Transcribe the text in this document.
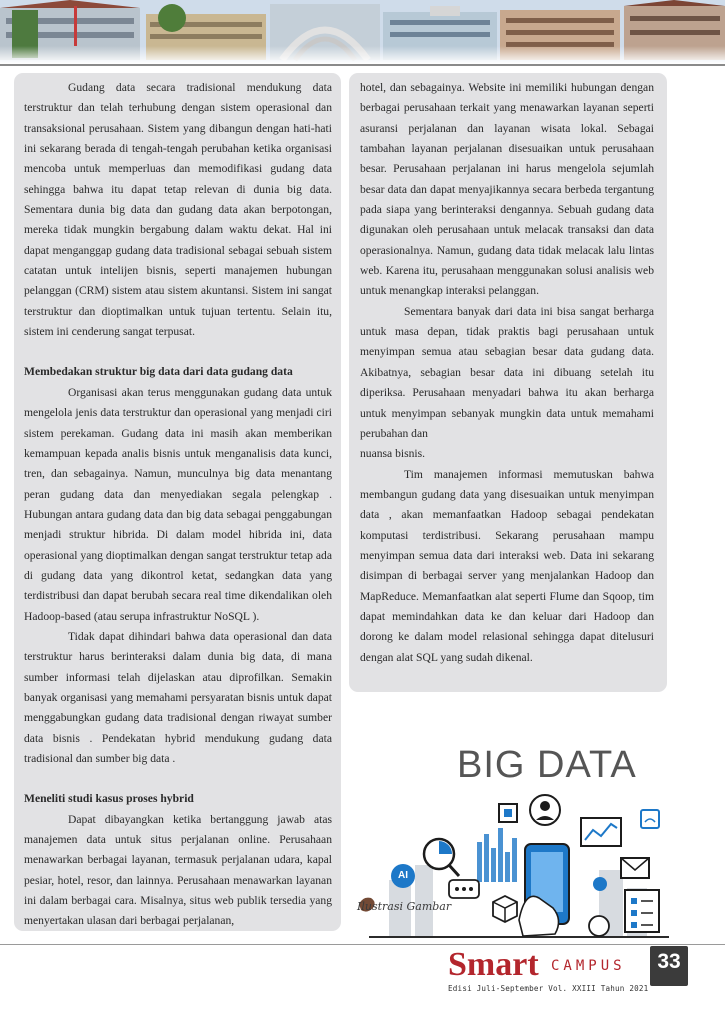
Gudang data secara tradisional mendukung data terstruktur dan telah terhubung dengan sistem operasional dan transaksional perusahaan. Sistem yang dibangun dengan hati-hati ini sekarang berada di tengah-tengah perubahan ketika organisasi mencoba untuk memperluas dan memodifikasi gudang data sehingga bahwa itu dapat tetap relevan di dunia big data. Sementara dunia big data dan gudang data akan berpotongan, mereka tidak mungkin bergabung dalam waktu dekat. Hal ini dapat menganggap gudang data tradisional sebagai sebuah sistem catatan untuk intelijen bisnis, seperti manajemen hubungan pelanggan (CRM) sistem atau sistem akuntansi. Sistem ini sangat terstruktur dan dioptimalkan untuk tujuan tertentu. Selain itu, sistem ini cenderung sangat terpusat.

Membedakan struktur big data dari data gudang data

Organisasi akan terus menggunakan gudang data untuk mengelola jenis data terstruktur dan operasional yang menjadi ciri sistem perekaman. Gudang data ini masih akan memberikan kemampuan kepada analis bisnis untuk menganalisis data kunci, tren, dan sebagainya. Namun, munculnya big data menantang peran gudang data dan menyediakan segala pelengkap . Hubungan antara gudang data dan big data sebagai penggabungan menjadi struktur hibrida. Di dalam model hibrida ini, data operasional yang dioptimalkan dengan sangat terstruktur tetap ada di gudang data yang dikontrol ketat, sedangkan data yang terdistribusi dan dapat berubah secara real time dikendalikan oleh Hadoop-based (atau serupa infrastruktur NoSQL ).

Tidak dapat dihindari bahwa data operasional dan data terstruktur harus berinteraksi dalam dunia big data, di mana sumber informasi telah dijelaskan atau diprofilkan. Semakin banyak organisasi yang memahami persyaratan bisnis untuk dapat menggabungkan gudang data tradisional dengan riwayat sumber data bisnis . Pendekatan hybrid mendukung gudang data tradisional dan sumber big data .

Meneliti studi kasus proses hybrid

Dapat dibayangkan ketika bertanggung jawab atas manajemen data untuk situs perjalanan online. Perusahaan menawarkan berbagai layanan, termasuk perjalanan udara, kapal pesiar, hotel, resor, dan lainnya. Perusahaan menawarkan layanan ini dalam berbagai cara. Misalnya, situs web publik tersedia yang menyertakan ulasan dari berbagai perjalanan,

hotel, dan sebagainya. Website ini memiliki hubungan dengan berbagai perusahaan terkait yang menawarkan layanan seperti asuransi perjalanan dan layanan wisata lokal. Sebagai tambahan layanan perjalanan disesuaikan untuk perusahaan besar. Perusahaan perjalanan ini harus mengelola sejumlah besar data dan dapat menyajikannya secara berbeda tergantung pada siapa yang berinteraksi dengannya. Sebuah gudang data digunakan oleh perusahaan untuk melacak transaksi dan data operasionalnya. Namun, gudang data tidak melacak lalu lintas web. Karena itu, perusahaan menggunakan solusi analisis web untuk menangkap interaksi pelanggan.

Sementara banyak dari data ini bisa sangat berharga untuk masa depan, tidak praktis bagi perusahaan untuk menyimpan semua atau sebagian besar data gudang data. Akibatnya, sebagian besar data ini dibuang setelah itu diperiksa. Perusahaan menyadari bahwa itu akan berharga untuk menyimpan sebanyak mungkin data untuk memahami perubahan dan

nuansa bisnis.

Tim manajemen informasi memutuskan bahwa membangun gudang data yang disesuaikan untuk menyimpan data , akan memanfaatkan Hadoop sebagai pendekatan komputasi terdistribusi. Sekarang perusahaan mampu menyimpan semua data dari interaksi web. Data ini sekarang disimpan di berbagai server yang menjalankan Hadoop dan MapReduce. Memanfaatkan alat seperti Flume dan Sqoop, tim dapat memindahkan data ke dan keluar dari Hadoop dan dorong ke dalam model relasional sehingga dapat ditelusuri dengan alat SQL yang sudah dikenal.

BIG DATA
AI
Ilustrasi Gambar
Smart CAMPUS
Edisi Juli-September Vol. XXIII Tahun 2021
33
